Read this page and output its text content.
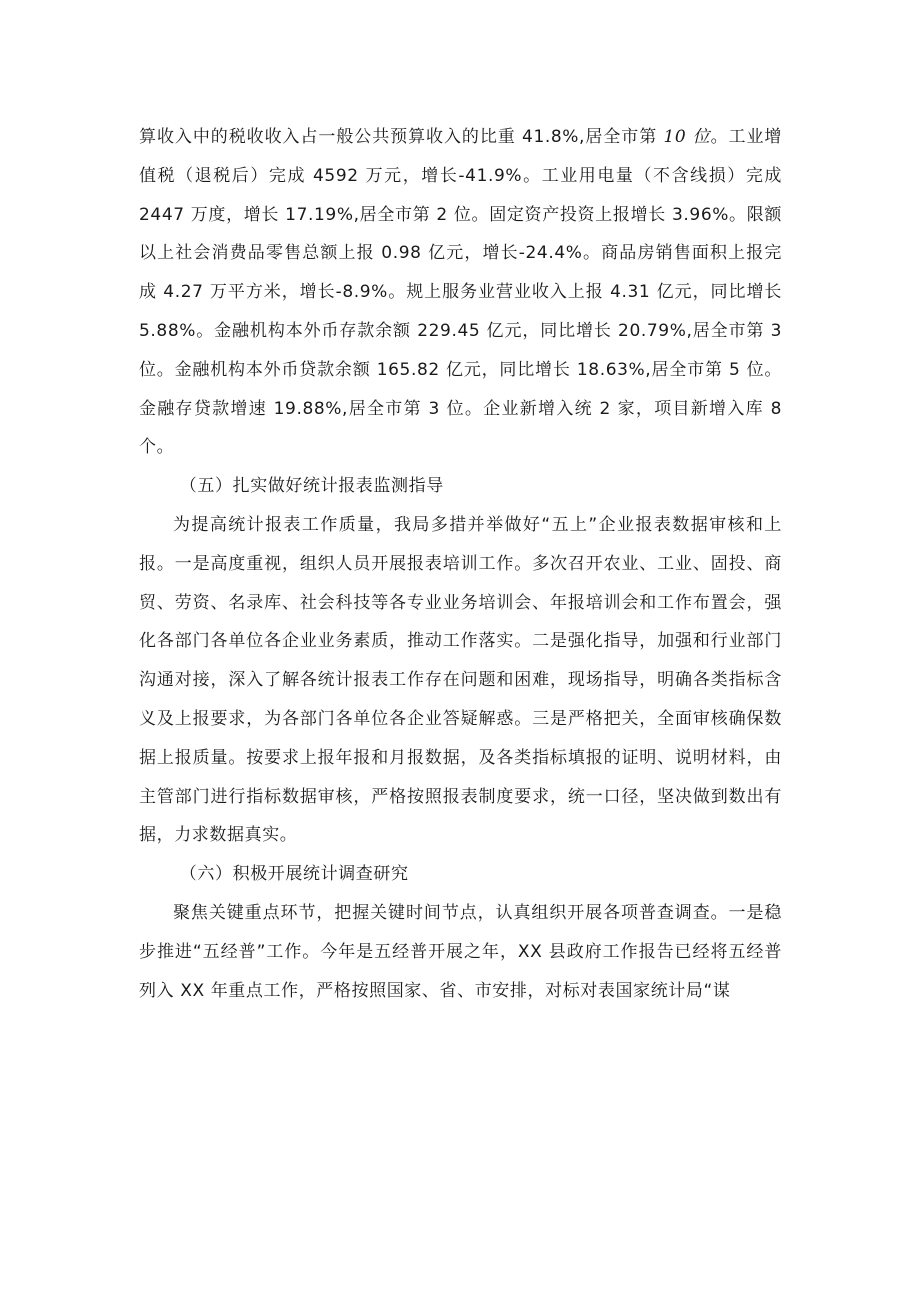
算收入中的税收收入占一般公共预算收入的比重 41.8%,居全市第 10 位。工业增值税（退税后）完成 4592 万元，增长-41.9%。工业用电量（不含线损）完成 2447 万度，增长 17.19%,居全市第 2 位。固定资产投资上报增长 3.96%。限额以上社会消费品零售总额上报 0.98 亿元，增长-24.4%。商品房销售面积上报完成 4.27 万平方米，增长-8.9%。规上服务业营业收入上报 4.31 亿元，同比增长 5.88%。金融机构本外币存款余额 229.45 亿元，同比增长 20.79%,居全市第 3 位。金融机构本外币贷款余额 165.82 亿元，同比增长 18.63%,居全市第 5 位。金融存贷款增速 19.88%,居全市第 3 位。企业新增入统 2 家，项目新增入库 8 个。

（五）扎实做好统计报表监测指导

为提高统计报表工作质量，我局多措并举做好“五上”企业报表数据审核和上报。一是高度重视，组织人员开展报表培训工作。多次召开农业、工业、固投、商贸、劳资、名录库、社会科技等各专业业务培训会、年报培训会和工作布置会，强化各部门各单位各企业业务素质，推动工作落实。二是强化指导，加强和行业部门沟通对接，深入了解各统计报表工作存在问题和困难，现场指导，明确各类指标含义及上报要求，为各部门各单位各企业答疑解惑。三是严格把关，全面审核确保数据上报质量。按要求上报年报和月报数据，及各类指标填报的证明、说明材料，由主管部门进行指标数据审核，严格按照报表制度要求，统一口径，坚决做到数出有据，力求数据真实。

（六）积极开展统计调查研究

聚焦关键重点环节，把握关键时间节点，认真组织开展各项普查调查。一是稳步推进“五经普”工作。今年是五经普开展之年，XX 县政府工作报告已经将五经普列入 XX 年重点工作，严格按照国家、省、市安排，对标对表国家统计局“谋
